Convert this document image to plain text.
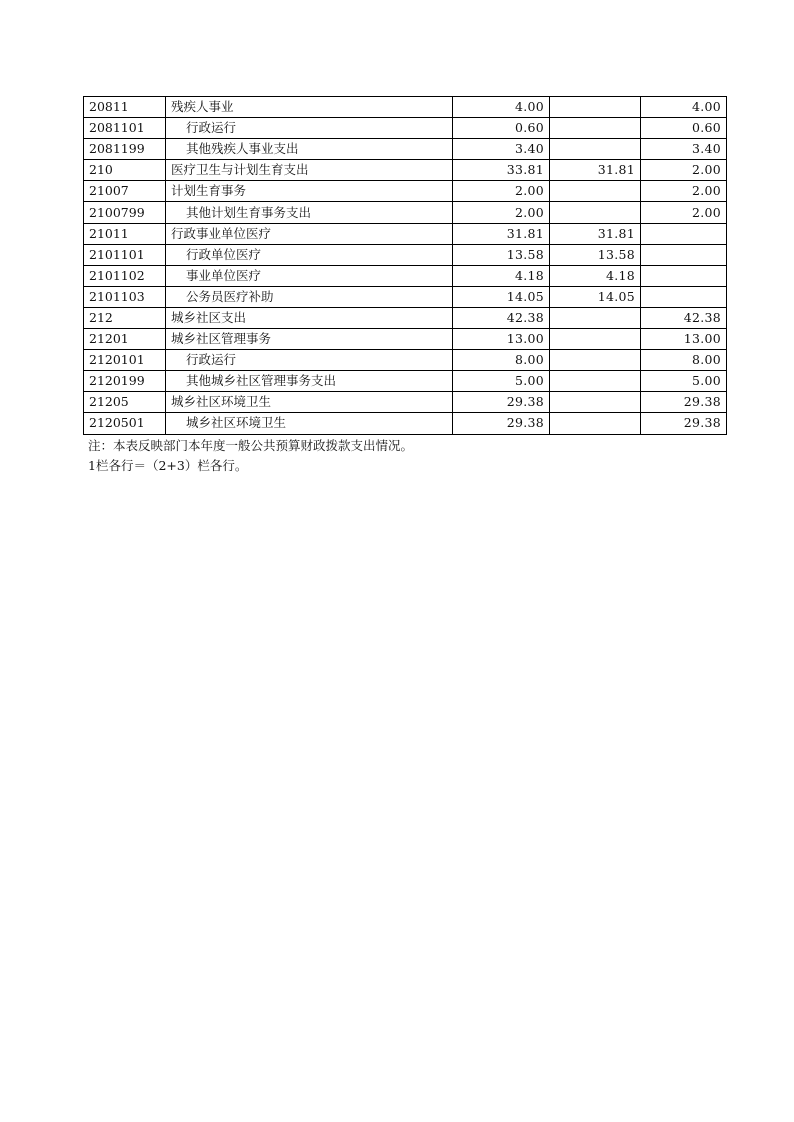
20811	残疾人事业	4.00		4.00
2081101	行政运行	0.60		0.60
2081199	其他残疾人事业支出	3.40		3.40
210	医疗卫生与计划生育支出	33.81	31.81	2.00
21007	计划生育事务	2.00		2.00
2100799	其他计划生育事务支出	2.00		2.00
21011	行政事业单位医疗	31.81	31.81	
2101101	行政单位医疗	13.58	13.58	
2101102	事业单位医疗	4.18	4.18	
2101103	公务员医疗补助	14.05	14.05	
212	城乡社区支出	42.38		42.38
21201	城乡社区管理事务	13.00		13.00
2120101	行政运行	8.00		8.00
2120199	其他城乡社区管理事务支出	5.00		5.00
21205	城乡社区环境卫生	29.38		29.38
2120501	城乡社区环境卫生	29.38		29.38
注：本表反映部门本年度一般公共预算财政拨款支出情况。
1栏各行＝（2+3）栏各行。
